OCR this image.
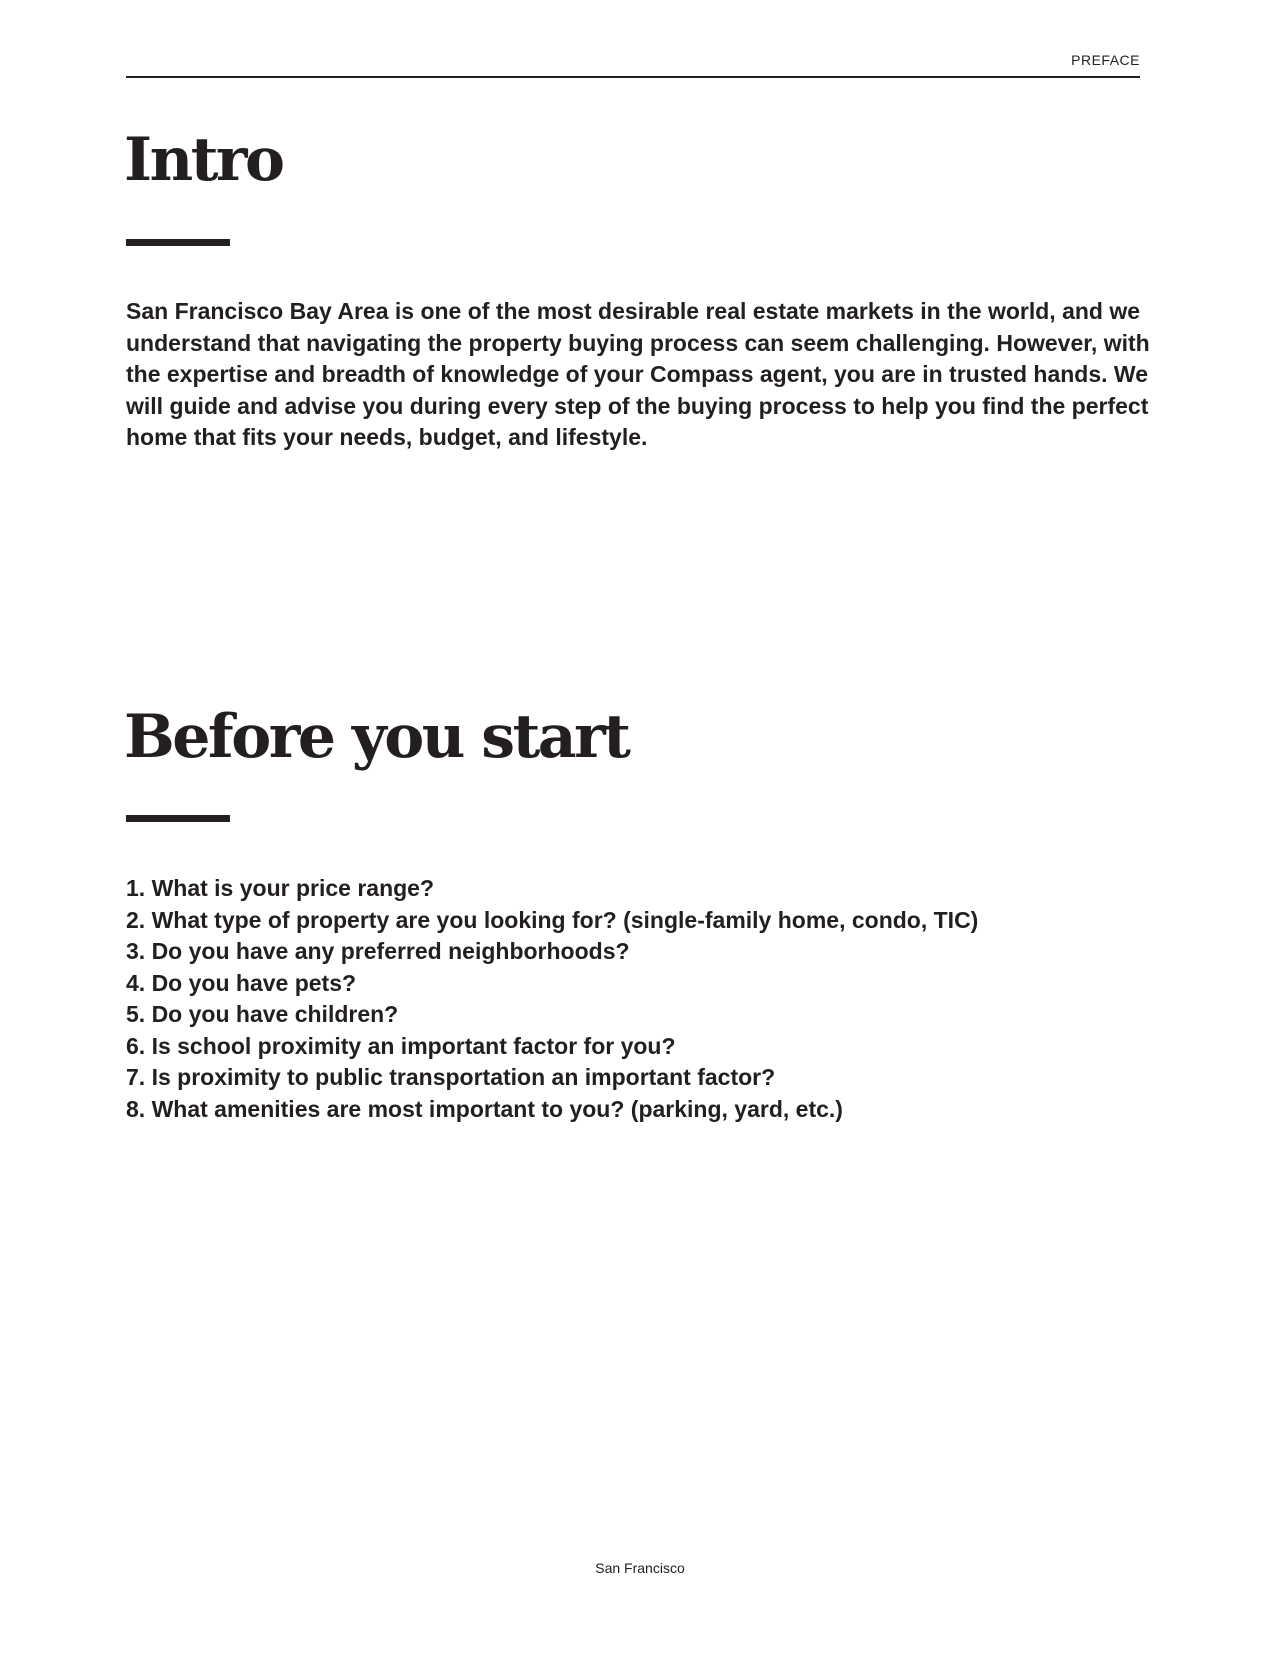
PREFACE
Intro

San Francisco Bay Area is one of the most desirable real estate markets in the world, and we understand that navigating the property buying process can seem challenging. However, with the expertise and breadth of knowledge of your Compass agent, you are in trusted hands. We will guide and advise you during every step of the buying process to help you find the perfect home that fits your needs, budget, and lifestyle.

Before you start
1. What is your price range?
2. What type of property are you looking for? (single-family home, condo, TIC)
3. Do you have any preferred neighborhoods?
4. Do you have pets?
5. Do you have children?
6. Is school proximity an important factor for you?
7. Is proximity to public transportation an important factor?
8. What amenities are most important to you? (parking, yard, etc.)
San Francisco
